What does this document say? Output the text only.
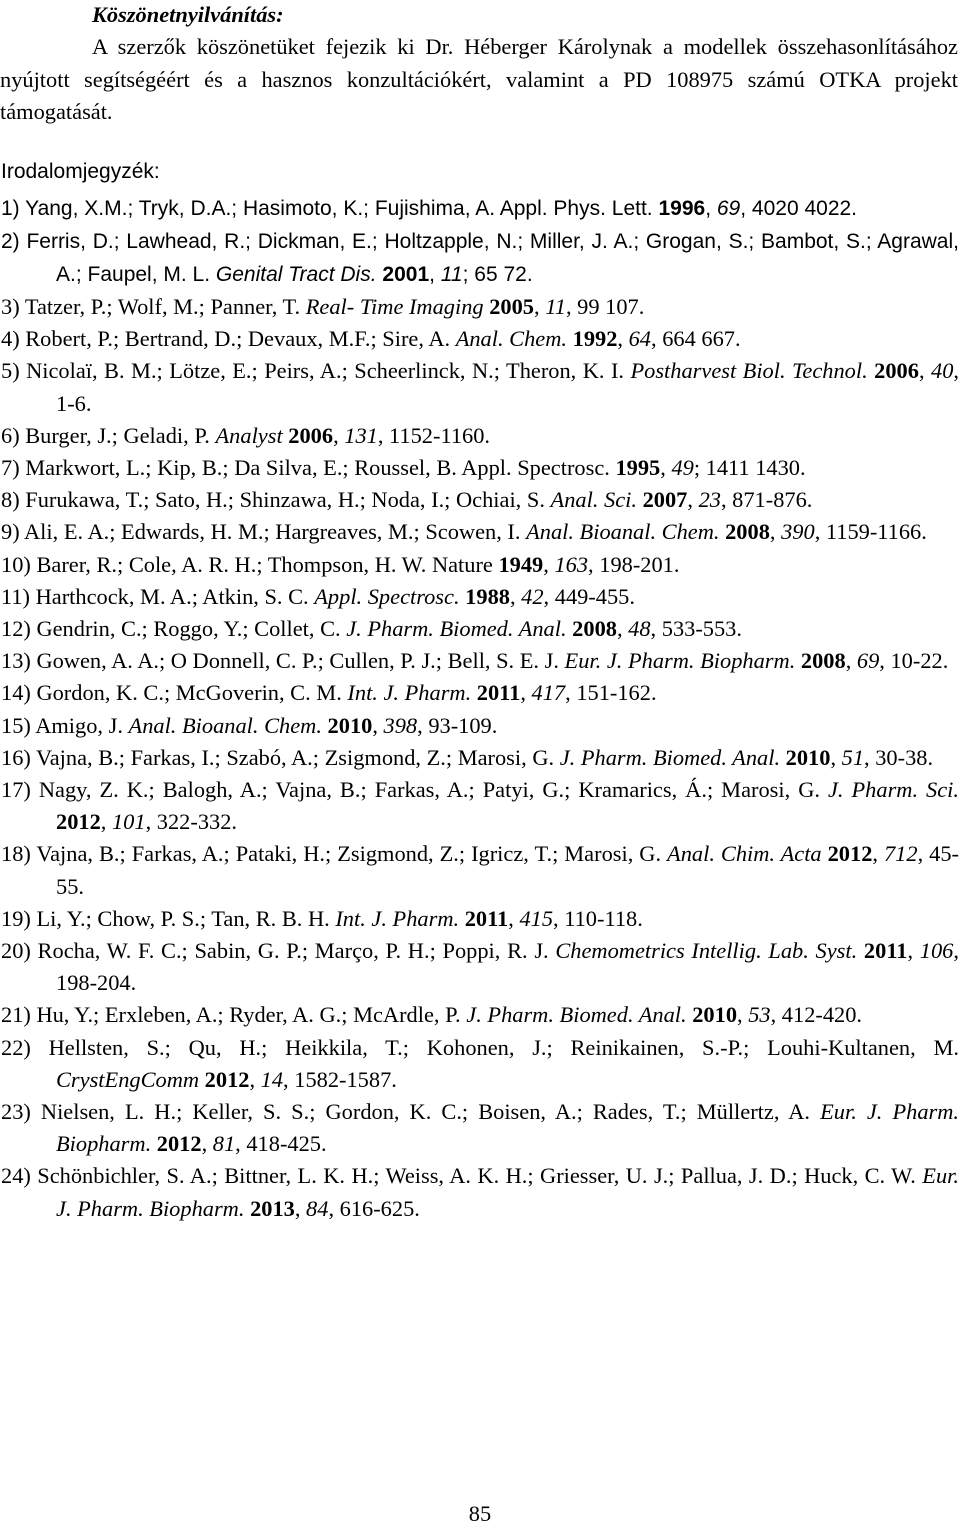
Köszönetnyilvánítás:

A szerzők köszönetüket fejezik ki Dr. Héberger Károlynak a modellek összehasonlításához nyújtott segítségéért és a hasznos konzultációkért, valamint a PD 108975 számú OTKA projekt támogatását.

Irodalomjegyzék:
1) Yang, X.M.; Tryk, D.A.; Hasimoto, K.; Fujishima, A. Appl. Phys. Lett. 1996, 69, 4020 4022.
2) Ferris, D.; Lawhead, R.; Dickman, E.; Holtzapple, N.; Miller, J. A.; Grogan, S.; Bambot, S.; Agrawal, A.; Faupel, M. L. Genital Tract Dis. 2001, 11; 65 72.
3) Tatzer, P.; Wolf, M.; Panner, T. Real- Time Imaging 2005, 11, 99 107.
4) Robert, P.; Bertrand, D.; Devaux, M.F.; Sire, A. Anal. Chem. 1992, 64, 664 667.
5) Nicolaï, B. M.; Lötze, E.; Peirs, A.; Scheerlinck, N.; Theron, K. I. Postharvest Biol. Technol. 2006, 40, 1-6.
6) Burger, J.; Geladi, P. Analyst 2006, 131, 1152-1160.
7) Markwort, L.; Kip, B.; Da Silva, E.; Roussel, B. Appl. Spectrosc. 1995, 49; 1411 1430.
8) Furukawa, T.; Sato, H.; Shinzawa, H.; Noda, I.; Ochiai, S. Anal. Sci. 2007, 23, 871-876.
9) Ali, E. A.; Edwards, H. M.; Hargreaves, M.; Scowen, I. Anal. Bioanal. Chem. 2008, 390, 1159-1166.
10) Barer, R.; Cole, A. R. H.; Thompson, H. W. Nature 1949, 163, 198-201.
11) Harthcock, M. A.; Atkin, S. C. Appl. Spectrosc. 1988, 42, 449-455.
12) Gendrin, C.; Roggo, Y.; Collet, C. J. Pharm. Biomed. Anal. 2008, 48, 533-553.
13) Gowen, A. A.; O Donnell, C. P.; Cullen, P. J.; Bell, S. E. J. Eur. J. Pharm. Biopharm. 2008, 69, 10-22.
14) Gordon, K. C.; McGoverin, C. M. Int. J. Pharm. 2011, 417, 151-162.
15) Amigo, J. Anal. Bioanal. Chem. 2010, 398, 93-109.
16) Vajna, B.; Farkas, I.; Szabó, A.; Zsigmond, Z.; Marosi, G. J. Pharm. Biomed. Anal. 2010, 51, 30-38.
17) Nagy, Z. K.; Balogh, A.; Vajna, B.; Farkas, A.; Patyi, G.; Kramarics, Á.; Marosi, G. J. Pharm. Sci. 2012, 101, 322-332.
18) Vajna, B.; Farkas, A.; Pataki, H.; Zsigmond, Z.; Igricz, T.; Marosi, G. Anal. Chim. Acta 2012, 712, 45-55.
19) Li, Y.; Chow, P. S.; Tan, R. B. H. Int. J. Pharm. 2011, 415, 110-118.
20) Rocha, W. F. C.; Sabin, G. P.; Março, P. H.; Poppi, R. J. Chemometrics Intellig. Lab. Syst. 2011, 106, 198-204.
21) Hu, Y.; Erxleben, A.; Ryder, A. G.; McArdle, P. J. Pharm. Biomed. Anal. 2010, 53, 412-420.
22) Hellsten, S.; Qu, H.; Heikkila, T.; Kohonen, J.; Reinikainen, S.-P.; Louhi-Kultanen, M. CrystEngComm 2012, 14, 1582-1587.
23) Nielsen, L. H.; Keller, S. S.; Gordon, K. C.; Boisen, A.; Rades, T.; Müllertz, A. Eur. J. Pharm. Biopharm. 2012, 81, 418-425.
24) Schönbichler, S. A.; Bittner, L. K. H.; Weiss, A. K. H.; Griesser, U. J.; Pallua, J. D.; Huck, C. W. Eur. J. Pharm. Biopharm. 2013, 84, 616-625.
85
